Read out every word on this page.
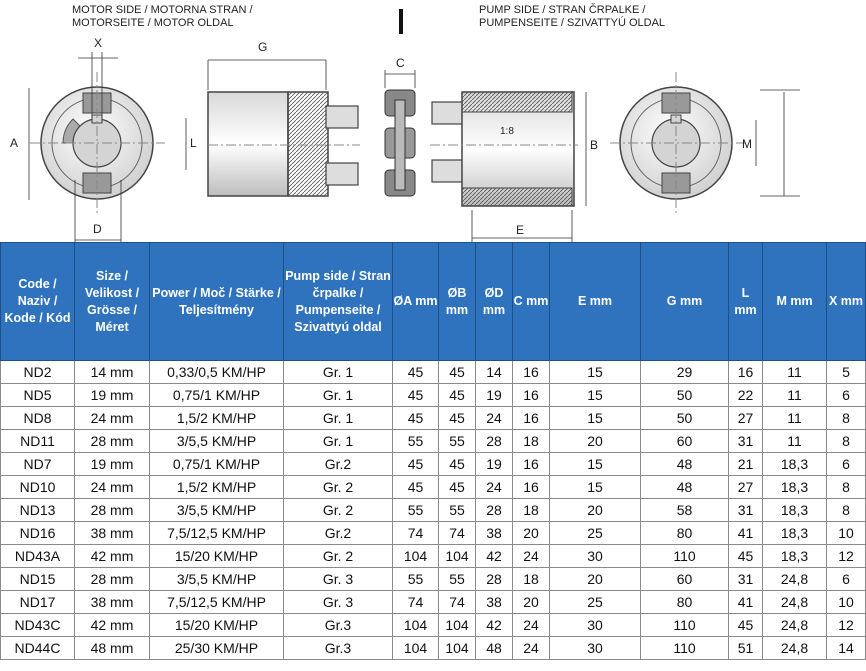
MOTOR SIDE / MOTORNA STRAN /
MOTORSEITE / MOTOR OLDAL
PUMP SIDE / STRAN ČRPALKE /
PUMPENSEITE / SZIVATTYÚ OLDAL
X	G
A	L
D
C
E
B	M
1:8
Code / Naziv / Kode / Kód	Size / Velikost / Grösse / Méret	Power / Moč / Stärke / Teljesítmény	Pump side / Stran črpalke / Pumpenseite / Szivattyú oldal	ØA mm	ØB mm	ØD mm	C mm	E mm	G mm	L mm	M mm	X mm
ND2	14 mm	0,33/0,5 KM/HP	Gr. 1	45	45	14	16	15	29	16	11	5
ND5	19 mm	0,75/1 KM/HP	Gr. 1	45	45	19	16	15	50	22	11	6
ND8	24 mm	1,5/2 KM/HP	Gr. 1	45	45	24	16	15	50	27	11	8
ND11	28 mm	3/5,5 KM/HP	Gr. 1	55	55	28	18	20	60	31	11	8
ND7	19 mm	0,75/1 KM/HP	Gr.2	45	45	19	16	15	48	21	18,3	6
ND10	24 mm	1,5/2 KM/HP	Gr. 2	45	45	24	16	15	48	27	18,3	8
ND13	28 mm	3/5,5 KM/HP	Gr. 2	55	55	28	18	20	58	31	18,3	8
ND16	38 mm	7,5/12,5 KM/HP	Gr.2	74	74	38	20	25	80	41	18,3	10
ND43A	42 mm	15/20 KM/HP	Gr. 2	104	104	42	24	30	110	45	18,3	12
ND15	28 mm	3/5,5 KM/HP	Gr. 3	55	55	28	18	20	60	31	24,8	6
ND17	38 mm	7,5/12,5 KM/HP	Gr. 3	74	74	38	20	25	80	41	24,8	10
ND43C	42 mm	15/20 KM/HP	Gr.3	104	104	42	24	30	110	45	24,8	12
ND44C	48 mm	25/30 KM/HP	Gr.3	104	104	48	24	30	110	51	24,8	14
